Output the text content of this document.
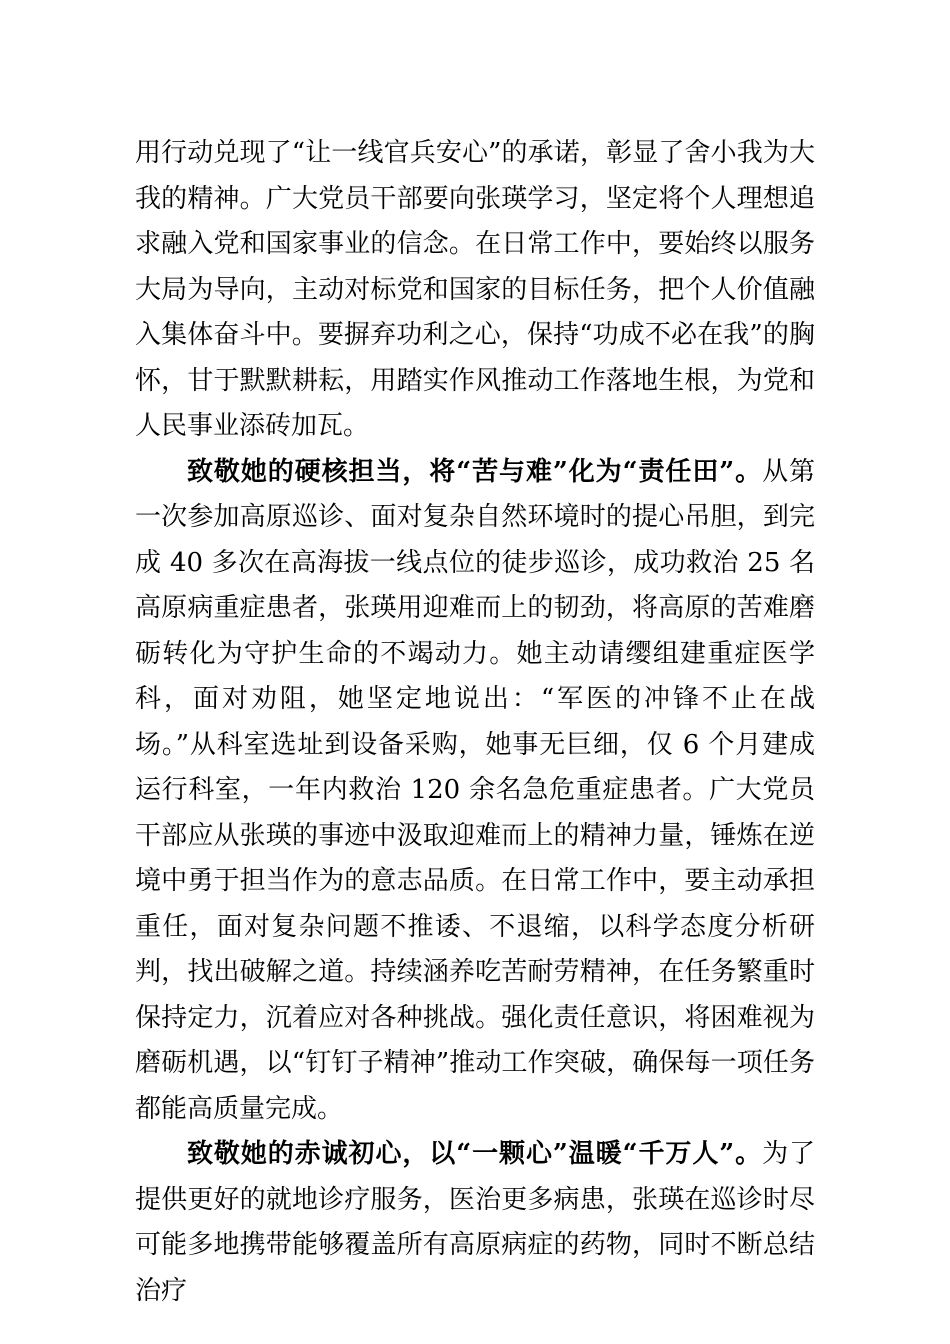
用行动兑现了“让一线官兵安心”的承诺，彰显了舍小我为大我的精神。广大党员干部要向张瑛学习，坚定将个人理想追求融入党和国家事业的信念。在日常工作中，要始终以服务大局为导向，主动对标党和国家的目标任务，把个人价值融入集体奋斗中。要摒弃功利之心，保持“功成不必在我”的胸怀，甘于默默耕耘，用踏实作风推动工作落地生根，为党和人民事业添砖加瓦。

致敬她的硬核担当，将“苦与难”化为“责任田”。从第一次参加高原巡诊、面对复杂自然环境时的提心吊胆，到完成 40 多次在高海拔一线点位的徒步巡诊，成功救治 25 名高原病重症患者，张瑛用迎难而上的韧劲，将高原的苦难磨砺转化为守护生命的不竭动力。她主动请缨组建重症医学科，面对劝阻，她坚定地说出：“军医的冲锋不止在战场。”从科室选址到设备采购，她事无巨细，仅 6 个月建成运行科室，一年内救治 120 余名急危重症患者。广大党员干部应从张瑛的事迹中汲取迎难而上的精神力量，锤炼在逆境中勇于担当作为的意志品质。在日常工作中，要主动承担重任，面对复杂问题不推诿、不退缩，以科学态度分析研判，找出破解之道。持续涵养吃苦耐劳精神，在任务繁重时保持定力，沉着应对各种挑战。强化责任意识，将困难视为磨砺机遇，以“钉钉子精神”推动工作突破，确保每一项任务都能高质量完成。

致敬她的赤诚初心，以“一颗心”温暖“千万人”。为了提供更好的就地诊疗服务，医治更多病患，张瑛在巡诊时尽可能多地携带能够覆盖所有高原病症的药物，同时不断总结治疗
